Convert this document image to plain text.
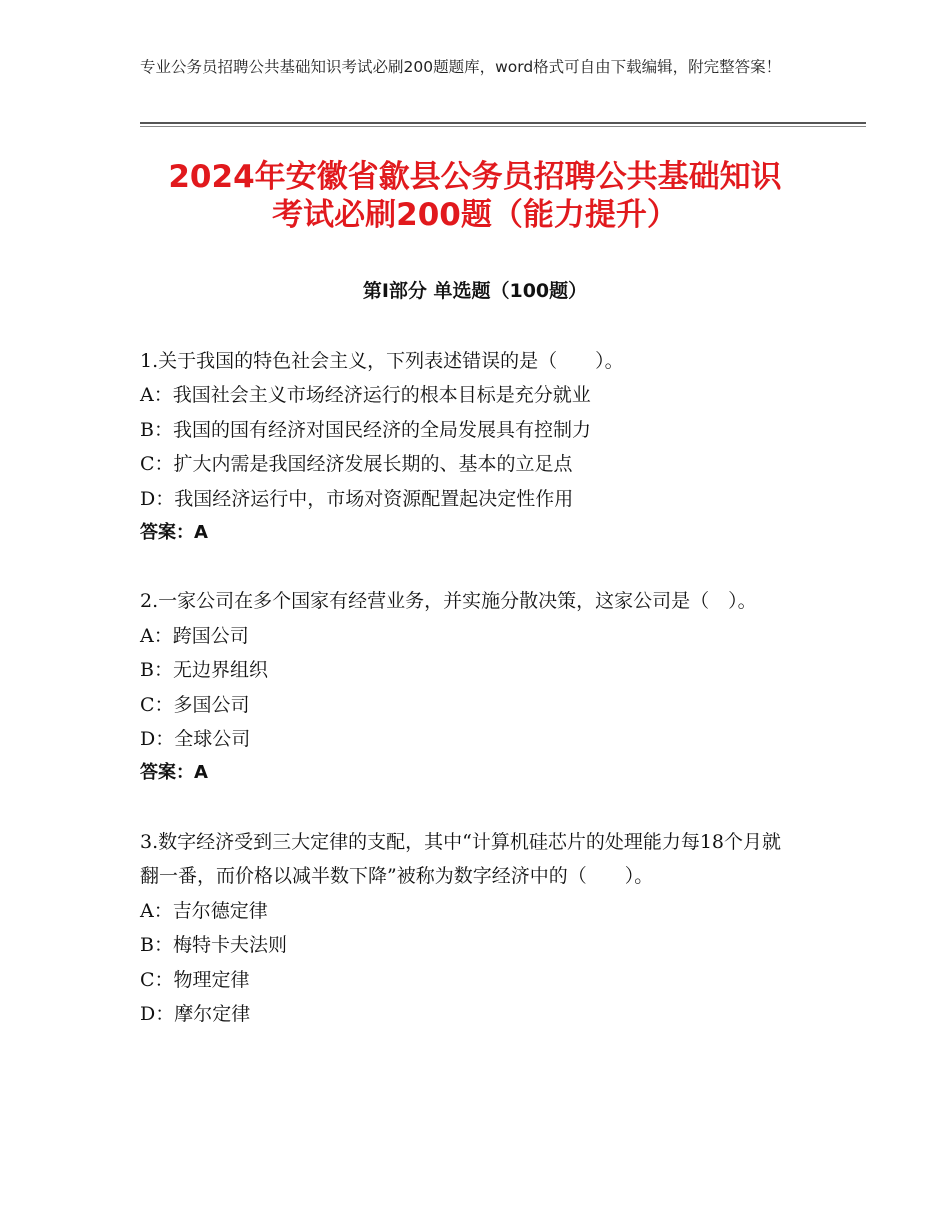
专业公务员招聘公共基础知识考试必刷200题题库，word格式可自由下载编辑，附完整答案！
2024年安徽省歙县公务员招聘公共基础知识
考试必刷200题（能力提升）
第Ⅰ部分 单选题（100题）
1.关于我国的特色社会主义，下列表述错误的是（　　）。
A：我国社会主义市场经济运行的根本目标是充分就业
B：我国的国有经济对国民经济的全局发展具有控制力
C：扩大内需是我国经济发展长期的、基本的立足点
D：我国经济运行中，市场对资源配置起决定性作用
答案：A
2.一家公司在多个国家有经营业务，并实施分散决策，这家公司是（　）。
A：跨国公司
B：无边界组织
C：多国公司
D：全球公司
答案：A
3.数字经济受到三大定律的支配，其中“计算机硅芯片的处理能力每18个月就翻一番，而价格以减半数下降”被称为数字经济中的（　　）。
A：吉尔德定律
B：梅特卡夫法则
C：物理定律
D：摩尔定律
